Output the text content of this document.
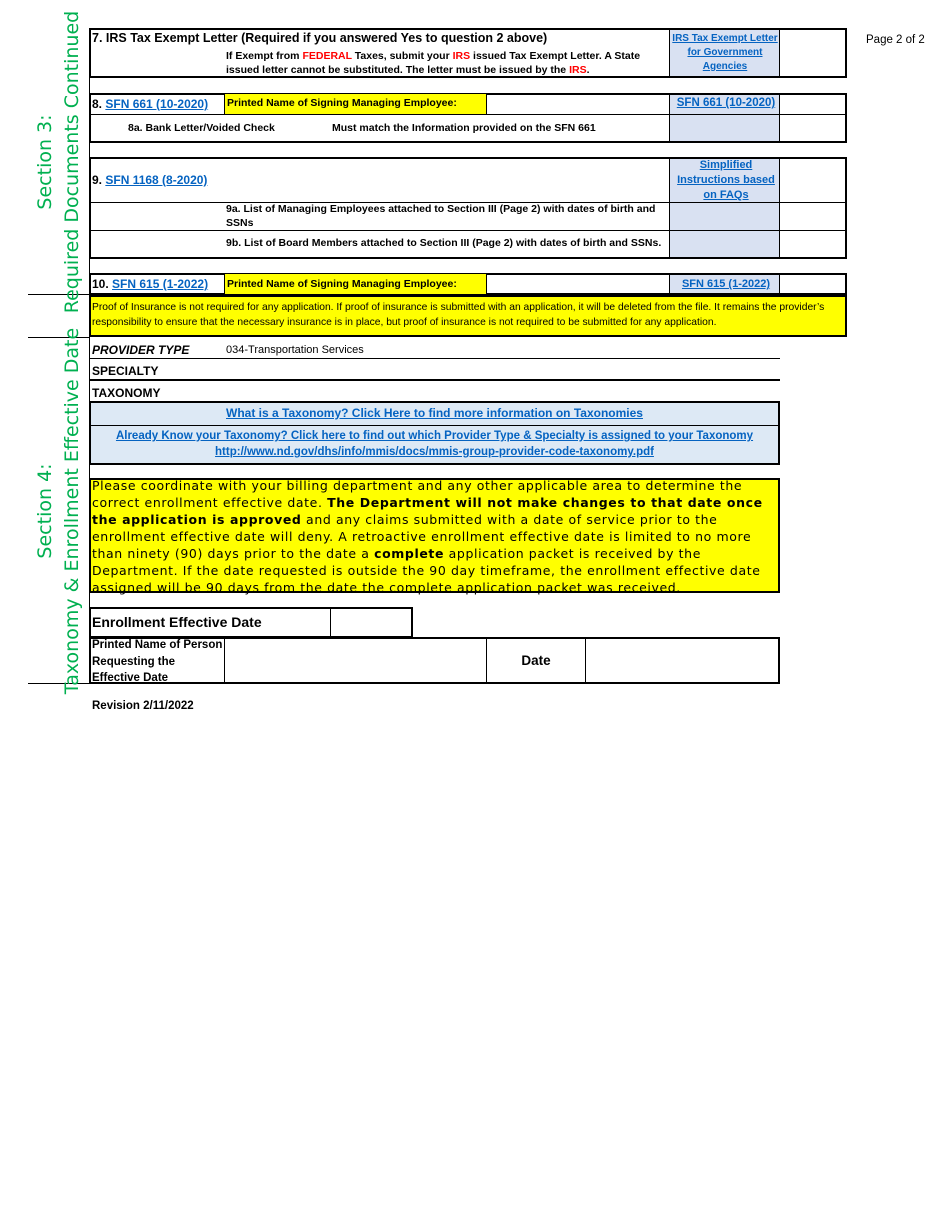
Page 2 of 2
Section 3: Required Documents Continued 7. IRS Tax Exempt Letter (Required if you answered Yes to question 2 above)
If Exempt from FEDERAL Taxes, submit your IRS issued Tax Exempt Letter. A State issued letter cannot be substituted. The letter must be issued by the IRS.
IRS Tax Exempt Letter for Government Agencies
8. SFN 661 (10-2020) Printed Name of Signing Managing Employee:	SFN 661 (10-2020)
8a. Bank Letter/Voided Check	Must match the Information provided on the SFN 661
9. SFN 1168 (8-2020)
Simplified Instructions based on FAQs
9a. List of Managing Employees attached to Section III (Page 2) with dates of birth and SSNs
9b. List of Board Members attached to Section III (Page 2) with dates of birth and SSNs.
10. SFN 615 (1-2022) Printed Name of Signing Managing Employee:	SFN 615 (1-2022)
Proof of Insurance is not required for any application. If proof of insurance is submitted with an application, it will be deleted from the file. It remains the provider’s responsibility to ensure that the necessary insurance is in place, but proof of insurance is not required to be submitted for any application.
Section 4: Taxonomy & Enrollment Effective Date PROVIDER TYPE	034-Transportation Services
SPECIALTY
TAXONOMY
What is a Taxonomy? Click Here to find more information on Taxonomies
Already Know your Taxonomy? Click here to find out which Provider Type & Specialty is assigned to your Taxonomy
http://www.nd.gov/dhs/info/mmis/docs/mmis-group-provider-code-taxonomy.pdf
Please coordinate with your billing department and any other applicable area to determine the correct enrollment effective date. The Department will not make changes to that date once the application is approved and any claims submitted with a date of service prior to the enrollment effective date will deny. A retroactive enrollment effective date is limited to no more than ninety (90) days prior to the date a complete application packet is received by the Department. If the date requested is outside the 90 day timeframe, the enrollment effective date assigned will be 90 days from the date the complete application packet was received.
Enrollment Effective Date
Printed Name of Person Requesting the Effective Date
Date
Revision 2/11/2022
